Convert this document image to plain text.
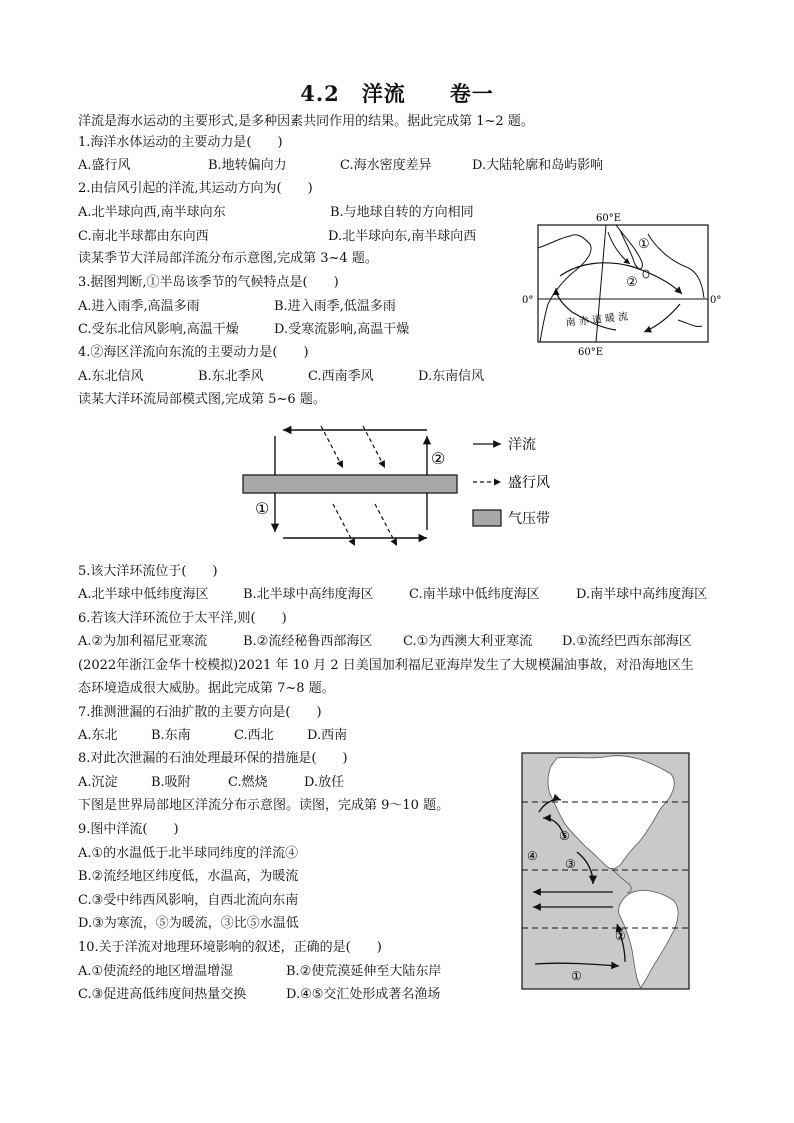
4.2　洋流　　卷一
洋流是海水运动的主要形式,是多种因素共同作用的结果。据此完成第 1~2 题。
1.海洋水体运动的主要动力是(　　)
A.盛行风	B.地转偏向力	C.海水密度差异	D.大陆轮廓和岛屿影响
2.由信风引起的洋流,其运动方向为(　　)
A.北半球向西,南半球向东	B.与地球自转的方向相同
C.南北半球都由东向西	D.北半球向东,南半球向西
读某季节大洋局部洋流分布示意图,完成第 3~4 题。
3.据图判断,①半岛该季节的气候特点是(　　)
A.进入雨季,高温多雨	B.进入雨季,低温多雨
C.受东北信风影响,高温干燥	D.受寒流影响,高温干燥
4.②海区洋流向东流的主要动力是(　　)
A.东北信风	B.东北季风	C.西南季风	D.东南信风
读某大洋环流局部模式图,完成第 5~6 题。
60°E
60°E
0°	0°
①
②
南 赤 道 暖 流
②
①
洋流
盛行风
气压带
5.该大洋环流位于(　　)
A.北半球中低纬度海区	B.北半球中高纬度海区	C.南半球中低纬度海区	D.南半球中高纬度海区
6.若该大洋环流位于太平洋,则(　　)
A.②为加利福尼亚寒流	B.②流经秘鲁西部海区 C.①为西澳大利亚寒流 D.①流经巴西东部海区
(2022年浙江金华十校模拟)2021 年 10 月 2 日美国加利福尼亚海岸发生了大规模漏油事故，对沿海地区生
态环境造成很大威胁。据此完成第 7~8 题。
7.推测泄漏的石油扩散的主要方向是(　　)
A.东北	B.东南	C.西北	D.西南
8.对此次泄漏的石油处理最环保的措施是(　　)
A.沉淀	B.吸附	C.燃烧	D.放任
下图是世界局部地区洋流分布示意图。读图，完成第 9～10 题。
9.图中洋流(　　)
A.①的水温低于北半球同纬度的洋流④
B.②流经地区纬度低，水温高，为暖流
C.③受中纬西风影响，自西北流向东南
D.③为寒流，⑤为暖流，③比⑤水温低
10.关于洋流对地理环境影响的叙述，正确的是(　　)
A.①使流经的地区增温增湿	B.②使荒漠延伸至大陆东岸
C.③促进高低纬度间热量交换	D.④⑤交汇处形成著名渔场
⑤
④
③
②
①
